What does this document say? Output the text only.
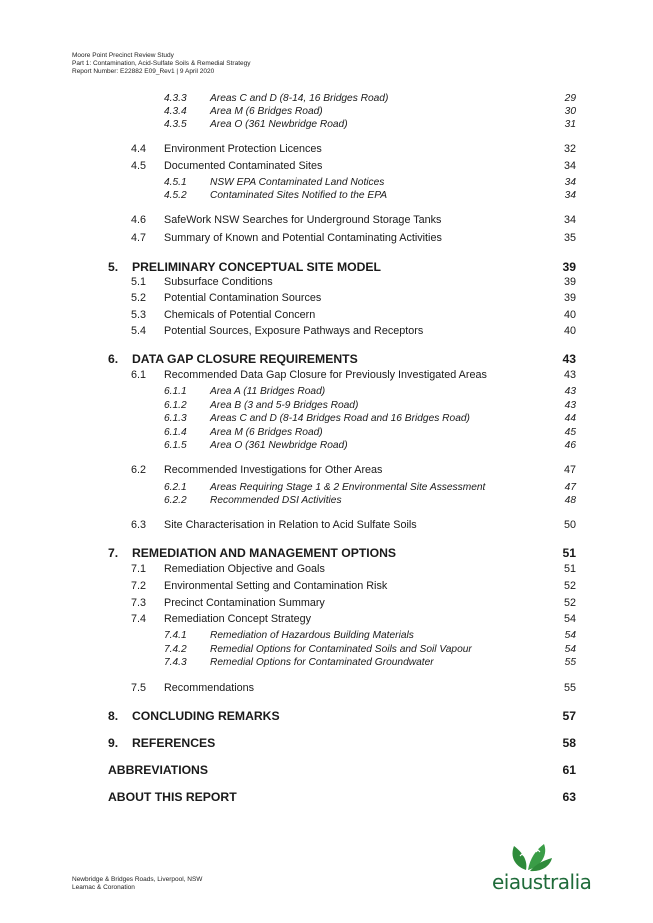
Moore Point Precinct Review Study
Part 1: Contamination, Acid-Sulfate Soils & Remedial Strategy
Report Number: E22882 E09_Rev1 | 9 April 2020
4.3.3	Areas C and D (8-14, 16 Bridges Road)	29
4.3.4	Area M (6 Bridges Road)	30
4.3.5	Area O (361 Newbridge Road)	31
4.4	Environment Protection Licences	32
4.5	Documented Contaminated Sites	34
4.5.1	NSW EPA Contaminated Land Notices	34
4.5.2	Contaminated Sites Notified to the EPA	34
4.6	SafeWork NSW Searches for Underground Storage Tanks	34
4.7	Summary of Known and Potential Contaminating Activities	35
5.	PRELIMINARY CONCEPTUAL SITE MODEL	39
5.1	Subsurface Conditions	39
5.2	Potential Contamination Sources	39
5.3	Chemicals of Potential Concern	40
5.4	Potential Sources, Exposure Pathways and Receptors	40
6.	DATA GAP CLOSURE REQUIREMENTS	43
6.1	Recommended Data Gap Closure for Previously Investigated Areas	43
6.1.1	Area A (11 Bridges Road)	43
6.1.2	Area B (3 and 5-9 Bridges Road)	43
6.1.3	Areas C and D (8-14 Bridges Road and 16 Bridges Road)	44
6.1.4	Area M (6 Bridges Road)	45
6.1.5	Area O (361 Newbridge Road)	46
6.2	Recommended Investigations for Other Areas	47
6.2.1	Areas Requiring Stage 1 & 2 Environmental Site Assessment	47
6.2.2	Recommended DSI Activities	48
6.3	Site Characterisation in Relation to Acid Sulfate Soils	50
7.	REMEDIATION AND MANAGEMENT OPTIONS	51
7.1	Remediation Objective and Goals	51
7.2	Environmental Setting and Contamination Risk	52
7.3	Precinct Contamination Summary	52
7.4	Remediation Concept Strategy	54
7.4.1	Remediation of Hazardous Building Materials	54
7.4.2	Remedial Options for Contaminated Soils and Soil Vapour	54
7.4.3	Remedial Options for Contaminated Groundwater	55
7.5	Recommendations	55
8.	CONCLUDING REMARKS	57
9.	REFERENCES	58
ABBREVIATIONS	61
ABOUT THIS REPORT	63
Newbridge & Bridges Roads, Liverpool, NSW
Leamac & Coronation	eiaustralia
